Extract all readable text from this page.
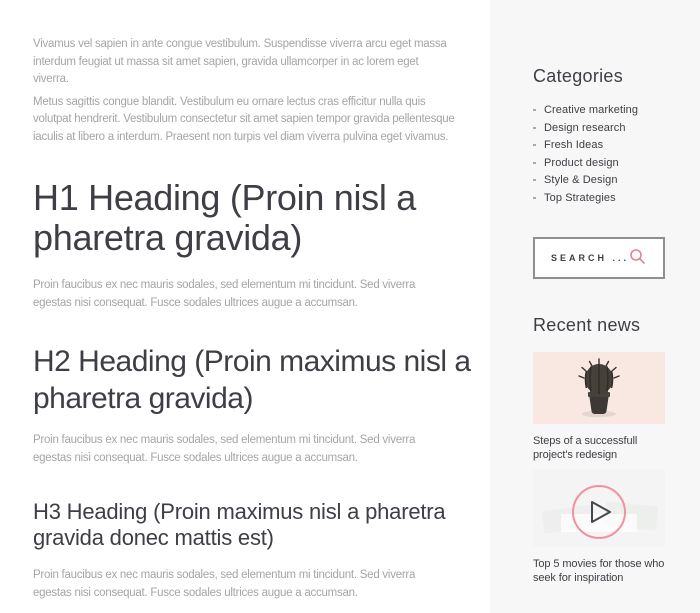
Vivamus vel sapien in ante congue vestibulum. Suspendisse viverra arcu eget massa interdum feugiat ut massa sit amet sapien, gravida ullamcorper in ac lorem eget viverra.

Metus sagittis congue blandit. Vestibulum eu ornare lectus cras efficitur nulla quis volutpat hendrerit. Vestibulum consectetur sit amet sapien tempor gravida pellentesque iaculis at libero a interdum. Praesent non turpis vel diam viverra pulvina eget vivamus.

H1 Heading (Proin nisl a pharetra gravida)

Proin faucibus ex nec mauris sodales, sed elementum mi tincidunt. Sed viverra egestas nisi consequat. Fusce sodales ultrices augue a accumsan.

H2 Heading (Proin maximus nisl a pharetra gravida)

Proin faucibus ex nec mauris sodales, sed elementum mi tincidunt. Sed viverra egestas nisi consequat. Fusce sodales ultrices augue a accumsan.

H3 Heading (Proin maximus nisl a pharetra gravida donec mattis est)

Proin faucibus ex nec mauris sodales, sed elementum mi tincidunt. Sed viverra egestas nisi consequat. Fusce sodales ultrices augue a accumsan.

Categories
Creative marketing
Design research
Fresh Ideas
Product design
Style & Design
Top Strategies
SEARCH ...
Recent news
Steps of a successfull project's redesign
Top 5 movies for those who seek for inspiration
